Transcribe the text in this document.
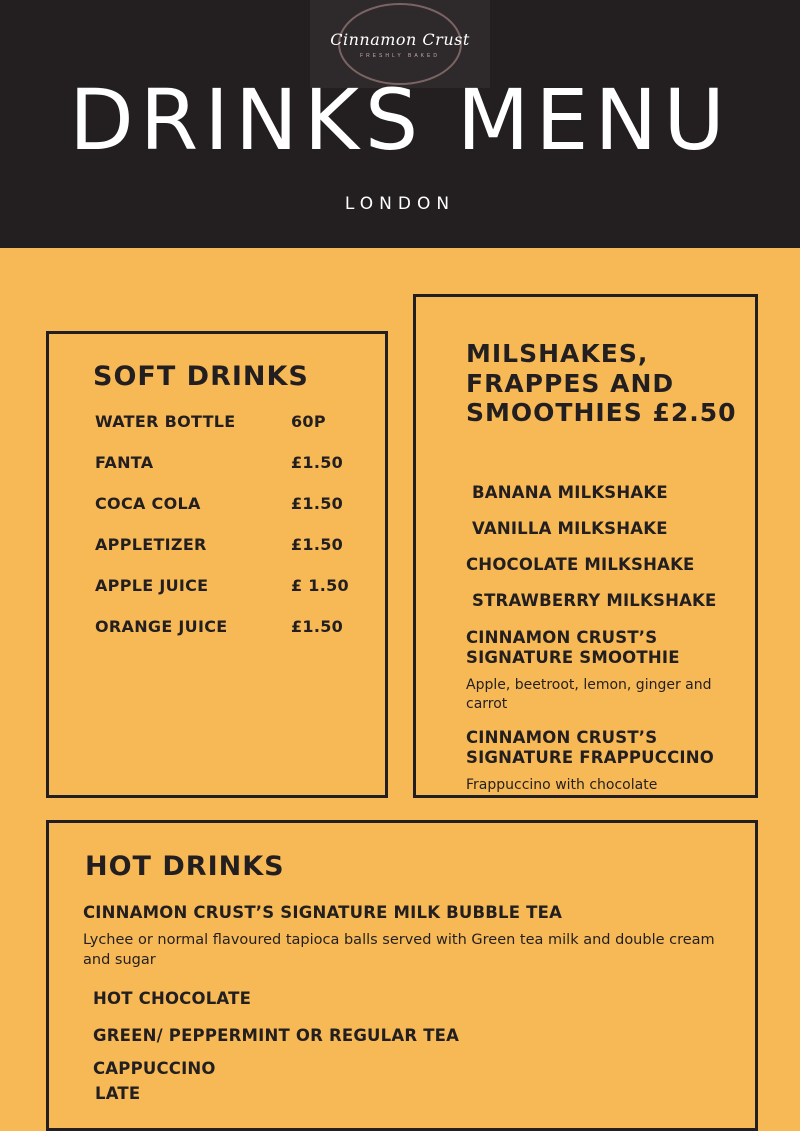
Cinnamon Crust
FRESHLY BAKED
DRINKS MENU
LONDON
SOFT DRINKS
WATER BOTTLE	60P
FANTA	£1.50
COCA COLA	£1.50
APPLETIZER	£1.50
APPLE JUICE	£ 1.50
ORANGE JUICE	£1.50
MILSHAKES, FRAPPES AND SMOOTHIES £2.50
BANANA MILKSHAKE
VANILLA MILKSHAKE
CHOCOLATE MILKSHAKE
STRAWBERRY MILKSHAKE
CINNAMON CRUST’S SIGNATURE SMOOTHIE
Apple, beetroot, lemon, ginger and carrot
CINNAMON CRUST’S SIGNATURE FRAPPUCCINO
Frappuccino with chocolate
HOT DRINKS
CINNAMON CRUST’S SIGNATURE MILK BUBBLE TEA
Lychee or normal flavoured tapioca balls served with Green tea milk and double cream and sugar
HOT CHOCOLATE
GREEN/ PEPPERMINT OR REGULAR TEA
CAPPUCCINO
LATE
